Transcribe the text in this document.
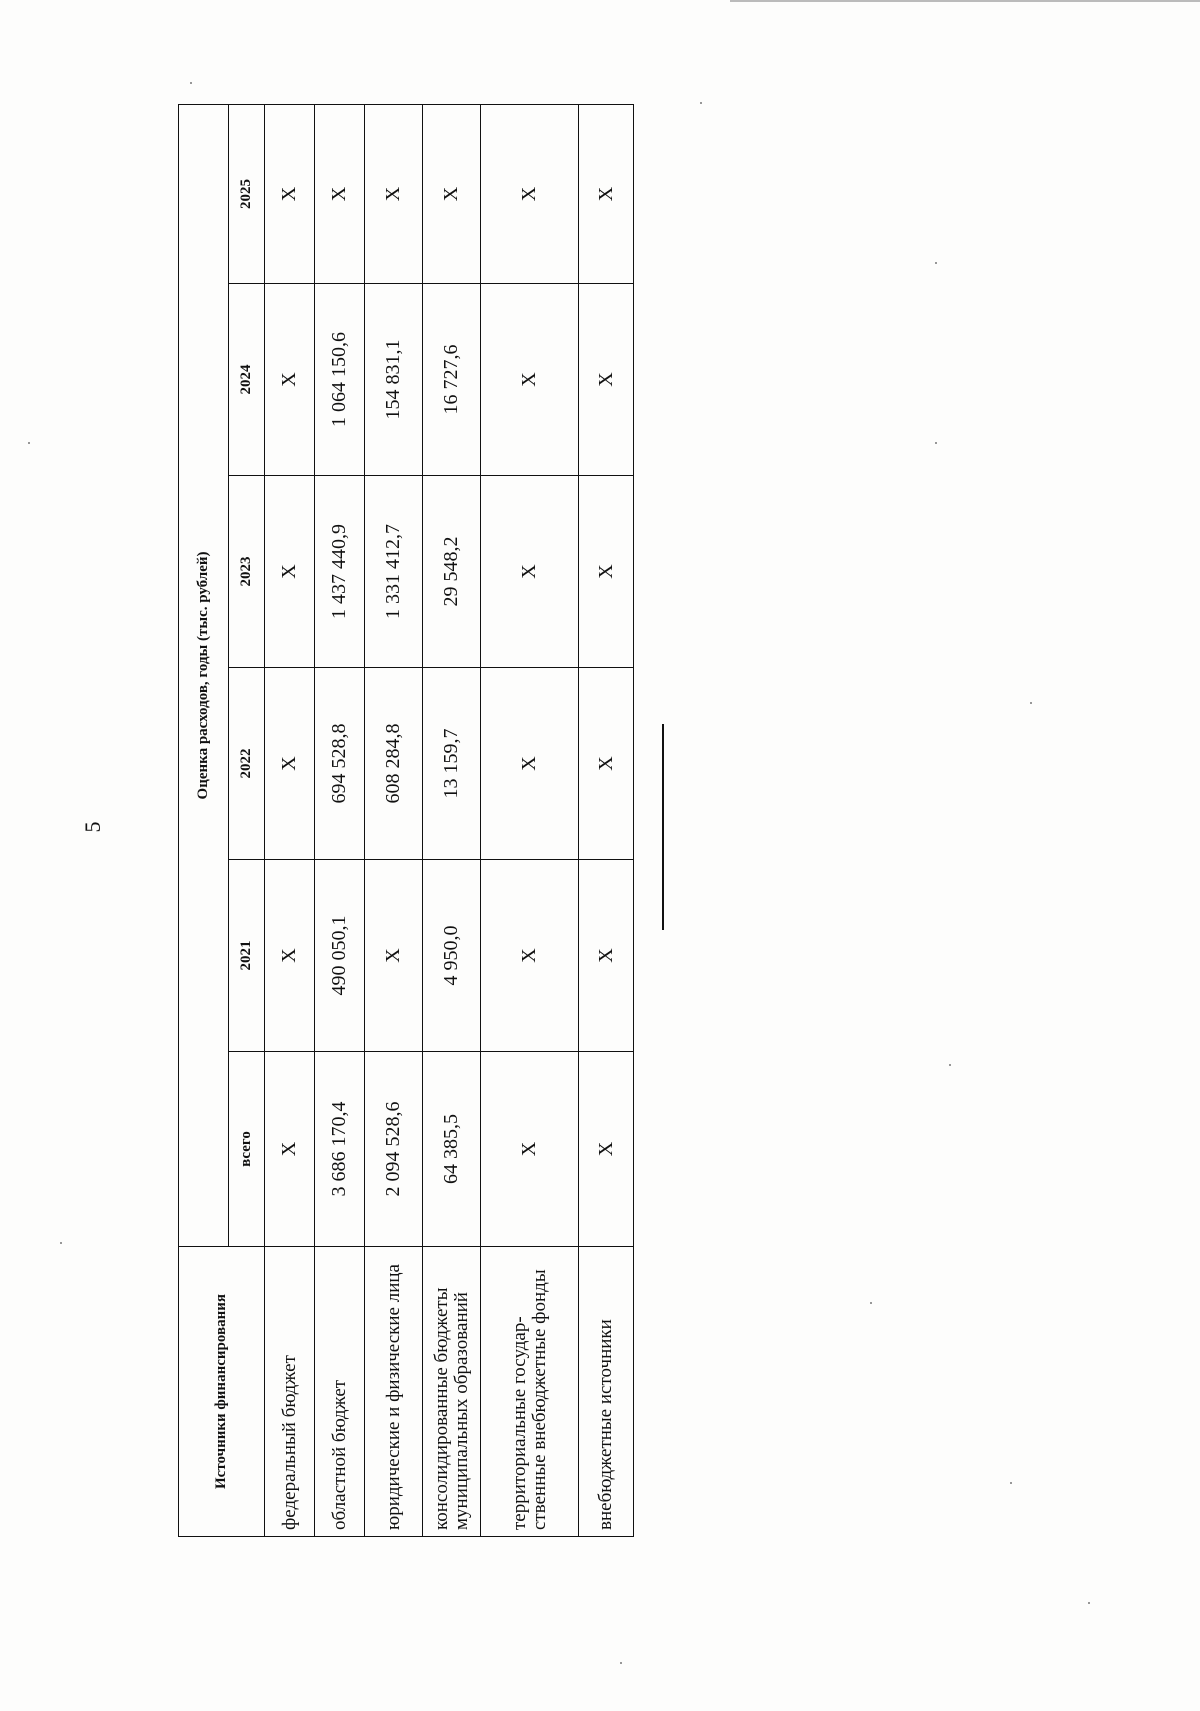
5
Источники финансирования	Оценка расходов, годы (тыс. рублей)					
	всего	2021	2022	2023	2024	2025
федеральный бюджет	X	X	X	X	X	X
областной бюджет	3 686 170,4	490 050,1	694 528,8	1 437 440,9	1 064 150,6	X
юридические и физические лица	2 094 528,6	X	608 284,8	1 331 412,7	154 831,1	X
консолидированные бюджеты муниципальных образований	64 385,5	4 950,0	13 159,7	29 548,2	16 727,6	X
территориальные государ-ственные внебюджетные фонды	X	X	X	X	X	X
внебюджетные источники	X	X	X	X	X	X
